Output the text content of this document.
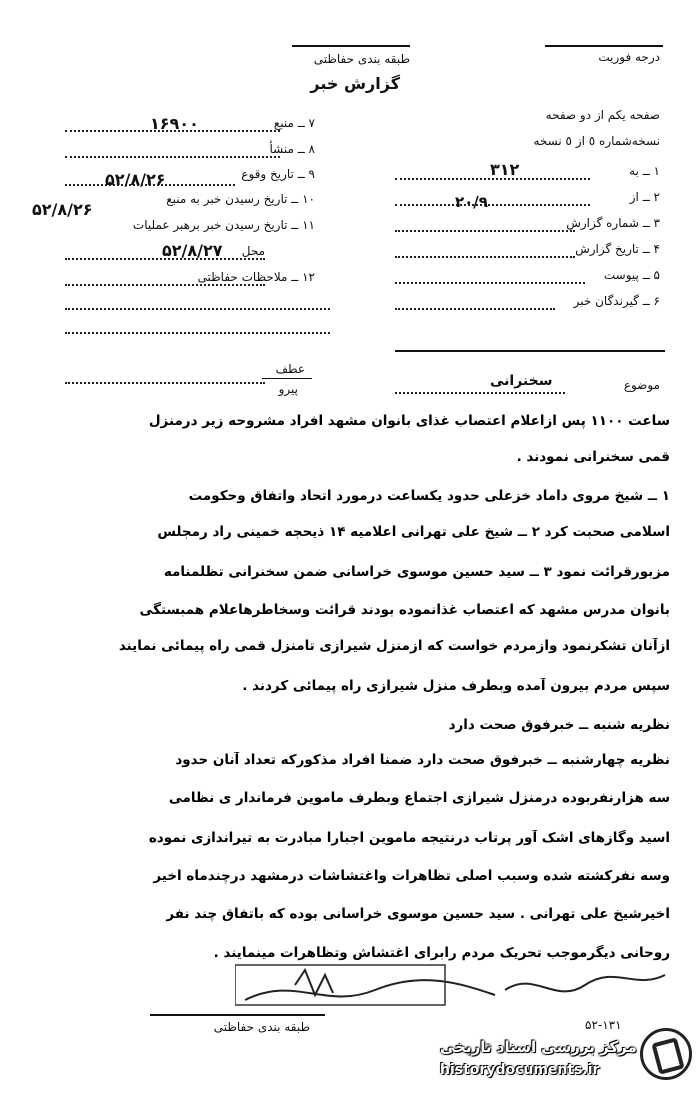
درجه فوریت
طبقه بندی حفاظتی
گزارش خبر
صفحه یکم از دو صفحه
نسخه‌شماره ٥ از ٥ نسخه
۷ ــ منبع
۱۶۹۰۰
۸ ــ منشأ
۹ ــ تاریخ وقوع
۵۲/۸/۲۶
۱۰ ــ تاریخ رسیدن خبر به منبع
۵۲/۸/۲۶
۱۱ ــ تاریخ رسیدن خبر برهبر عملیات
محل
۵۲/۸/۲۷
۱۲ ــ ملاحظات حفاظتی
۱ ــ به
۳۱۲
۲ ــ از
۲۰/۹
۳ ــ شماره گزارش
۴ ــ تاریخ گزارش
۵ ــ پیوست
۶ ــ گیرندگان خبر
عطف
پیرو	موضوع
سخنرانی
ساعت ۱۱۰۰ پس ازاعلام اعتصاب غذای بانوان مشهد افراد مشروحه زیر درمنزل
قمی سخنرانی نمودند .
۱ ــ شیخ مروی داماد خزعلی حدود یکساعت درمورد اتحاد واتفاق وحکومت
اسلامی صحبت کرد ۲ ــ شیخ علی تهرانی اعلامیه ۱۴ ذیحجه خمینی راد رمجلس
مزبورقرائت نمود ۳ ــ سید حسین موسوی خراسانی ضمن سخنرانی تظلمنامه
بانوان مدرس مشهد که اعتصاب غذانموده بودند قرائت وسخاطرهاعلام همبستگی
ازآنان تشکرنمود وازمردم خواست که ازمنزل شیرازی تامنزل قمی راه پیمائی نمایند
سپس مردم بیرون آمده وبطرف منزل شیرازی راه پیمائی کردند .
نظریه شنبه ــ خبرفوق صحت دارد
نظریه چهارشنبه ــ خبرفوق صحت دارد ضمنا افراد مذکورکه تعداد آنان حدود
سه هزارنفربوده درمنزل شیرازی اجتماع وبطرف ماموین فرماندار ی نظامی
اسید وگازهای اشک آور پرتاب درنتیجه ماموین اجبارا مبادرت به تیراندازی نموده
وسه نفرکشته شده وسبب اصلی تظاهرات واغتشاشات درمشهد درچندماه اخیر
اخیرشیخ علی تهرانی . سید حسین موسوی خراسانی بوده که باتفاق چند نفر
روحانی دیگرموجب تحریک مردم رابرای اغتشاش وتظاهرات مینمایند .
طبقه بندی حفاظتی	۵۲-۱۳۱
مرکز بررسی اسناد تاریخی
historydocuments.ir
